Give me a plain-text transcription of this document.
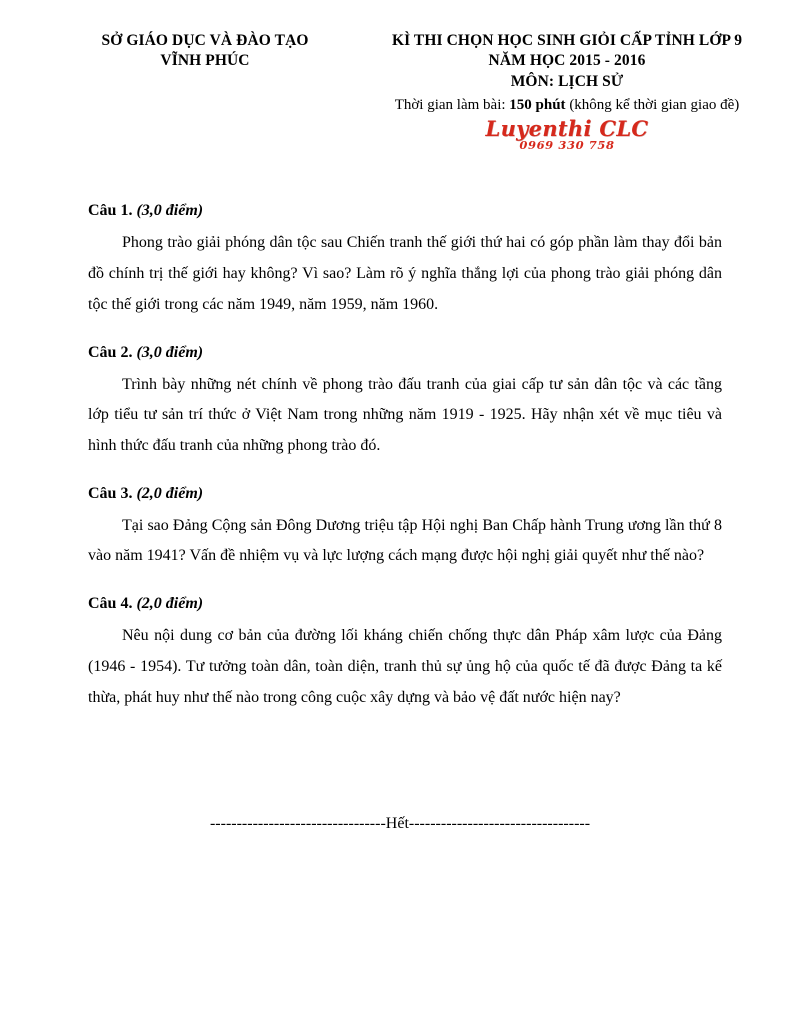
SỞ GIÁO DỤC VÀ ĐÀO TẠO
VĨNH PHÚC
KÌ THI CHỌN HỌC SINH GIỎI CẤP TỈNH LỚP 9
NĂM HỌC 2015 - 2016
MÔN: LỊCH SỬ
Thời gian làm bài: 150 phút (không kể thời gian giao đề)
Luyenthi CLC
0969 330 758
Câu 1. (3,0 điểm)
Phong trào giải phóng dân tộc sau Chiến tranh thế giới thứ hai có góp phần làm thay đổi bản đồ chính trị thế giới hay không? Vì sao? Làm rõ ý nghĩa thắng lợi của phong trào giải phóng dân tộc thế giới trong các năm 1949, năm 1959, năm 1960.
Câu 2. (3,0 điểm)
Trình bày những nét chính về phong trào đấu tranh của giai cấp tư sản dân tộc và các tầng lớp tiểu tư sản trí thức ở Việt Nam trong những năm 1919 - 1925. Hãy nhận xét về mục tiêu và hình thức đấu tranh của những phong trào đó.
Câu 3. (2,0 điểm)
Tại sao Đảng Cộng sản Đông Dương triệu tập Hội nghị Ban Chấp hành Trung ương lần thứ 8 vào năm 1941? Vấn đề nhiệm vụ và lực lượng cách mạng được hội nghị giải quyết như thế nào?
Câu 4. (2,0 điểm)
Nêu nội dung cơ bản của đường lối kháng chiến chống thực dân Pháp xâm lược của Đảng (1946 - 1954). Tư tưởng toàn dân, toàn diện, tranh thủ sự ủng hộ của quốc tế đã được Đảng ta kế thừa, phát huy như thế nào trong công cuộc xây dựng và bảo vệ đất nước hiện nay?
---------------------------------Hết----------------------------------
